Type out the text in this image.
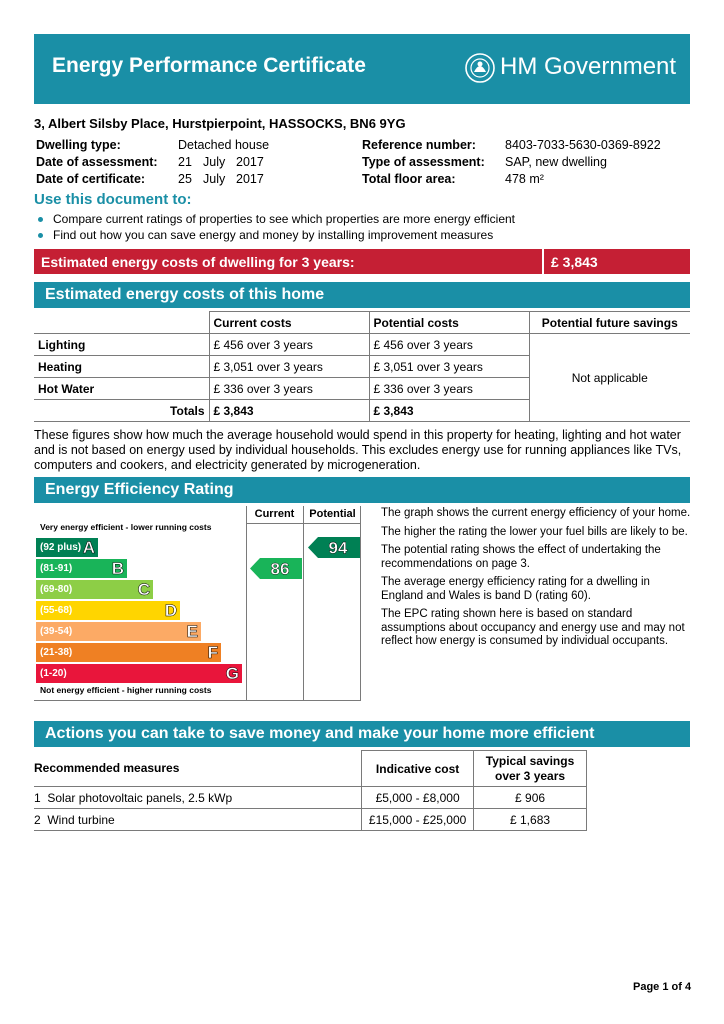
Energy Performance Certificate	HM Government
3, Albert Silsby Place, Hurstpierpoint, HASSOCKS, BN6 9YG
Dwelling type:	Detached house
Date of assessment: 21 July 2017
Date of certificate:	25 July 2017
Reference number: 8403-7033-5630-0369-8922
Type of assessment: SAP, new dwelling
Total floor area:	478 m²
Use this document to:
Compare current ratings of properties to see which properties are more energy efficient
Find out how you can save energy and money by installing improvement measures
Estimated energy costs of dwelling for 3 years:	£ 3,843
Estimated energy costs of this home
	Current costs	Potential costs	Potential future savings
Lighting	£ 456 over 3 years	£ 456 over 3 years	Not applicable
Heating	£ 3,051 over 3 years	£ 3,051 over 3 years	
Hot Water	£ 336 over 3 years	£ 336 over 3 years	
Totals	£ 3,843	£ 3,843	
These figures show how much the average household would spend in this property for heating, lighting and hot water and is not based on energy used by individual households. This excludes energy use for running appliances like TVs, computers and cookers, and electricity generated by microgeneration.
Energy Efficiency Rating
Current	Potential
Very energy efficient - lower running costs
Not energy efficient - higher running costs
(92 plus) A
(81-91) B
(69-80)	C
(55-68)	D
(39-54)	E
(21-38)	F
(1-20)	G
86
94
The graph shows the current energy efficiency of your home.
The higher the rating the lower your fuel bills are likely to be.
The potential rating shows the effect of undertaking the recommendations on page 3.
The average energy efficiency rating for a dwelling in England and Wales is band D (rating 60).
The EPC rating shown here is based on standard assumptions about occupancy and energy use and may not reflect how energy is consumed by individual occupants.
Actions you can take to save money and make your home more efficient
Recommended measures	Indicative cost	Typical savings
over 3 years

1 Solar photovoltaic panels, 2.5 kWp	£5,000 - £8,000	£ 906
2 Wind turbine	£15,000 - £25,000	£ 1,683
Page 1 of 4
